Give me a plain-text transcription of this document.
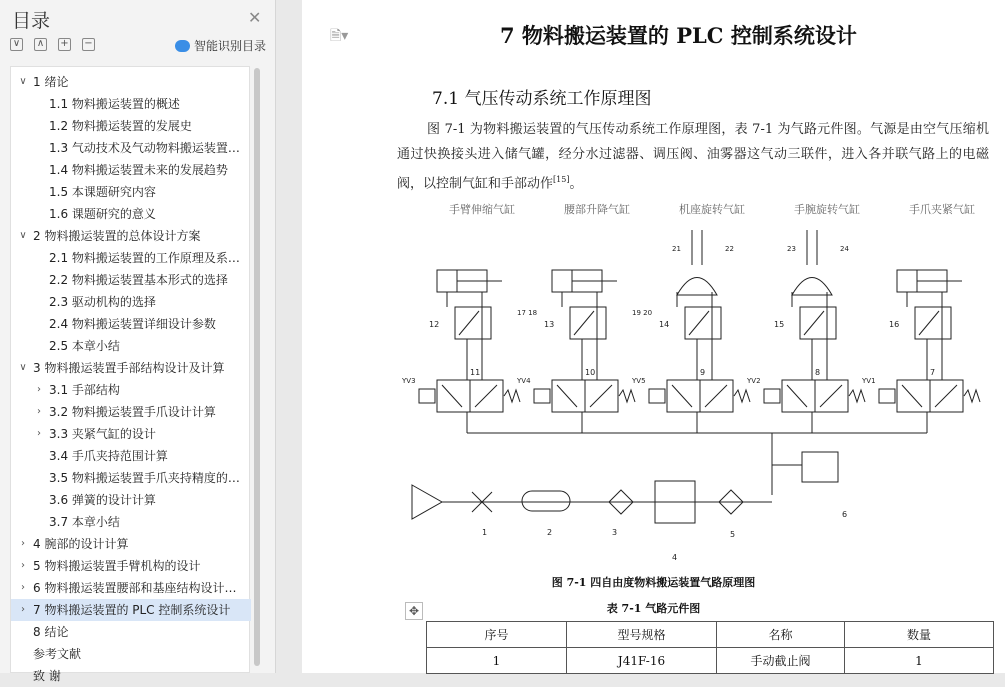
目录	✕
∨ ∧ + −	智能识别目录
∨ 1 绪论
1.1 物料搬运装置的概述
1.2 物料搬运装置的发展史
1.3 气动技术及气动物料搬运装置…
1.4 物料搬运装置未来的发展趋势
1.5 本课题研究内容
1.6 课题研究的意义
∨ 2 物料搬运装置的总体设计方案
2.1 物料搬运装置的工作原理及系…
2.2 物料搬运装置基本形式的选择
2.3 驱动机构的选择
2.4 物料搬运装置详细设计参数
2.5 本章小结
∨ 3 物料搬运装置手部结构设计及计算
› 3.1 手部结构
› 3.2 物料搬运装置手爪设计计算
› 3.3 夹紧气缸的设计
3.4 手爪夹持范围计算
3.5 物料搬运装置手爪夹持精度的…
3.6 弹簧的设计计算
3.7 本章小结
› 4 腕部的设计计算
› 5 物料搬运装置手臂机构的设计
› 6 物料搬运装置腰部和基座结构设计…
› 7 物料搬运装置的 PLC 控制系统设计
8 结论
参考文献
致 谢
7 物料搬运装置的 PLC 控制系统设计
7.1 气压传动系统工作原理图
图 7-1 为物料搬运装置的气压传动系统工作原理图，表 7-1 为气路元件图。气源是由空气压缩机通过快换接头进入储气罐，经分水过滤器、调压阀、油雾器这气动三联件，进入各并联气路上的电磁阀，以控制气缸和手部动作[15]。
手臂伸缩气缸
12
11
YV3
腰部升降气缸
13
10
YV4
机座旋转气缸
14
9
YV5
手腕旋转气缸
15
8
YV2
手爪夹紧气缸
16
7
YV1
6
17 18	19 20
21	22	23	24
1	2	3
4
5
图 7-1 四自由度物料搬运装置气路原理图
表 7-1 气路元件图
序号	型号规格	名称	数量
1	J41F-16	手动截止阀	1
🗎▾
✥
